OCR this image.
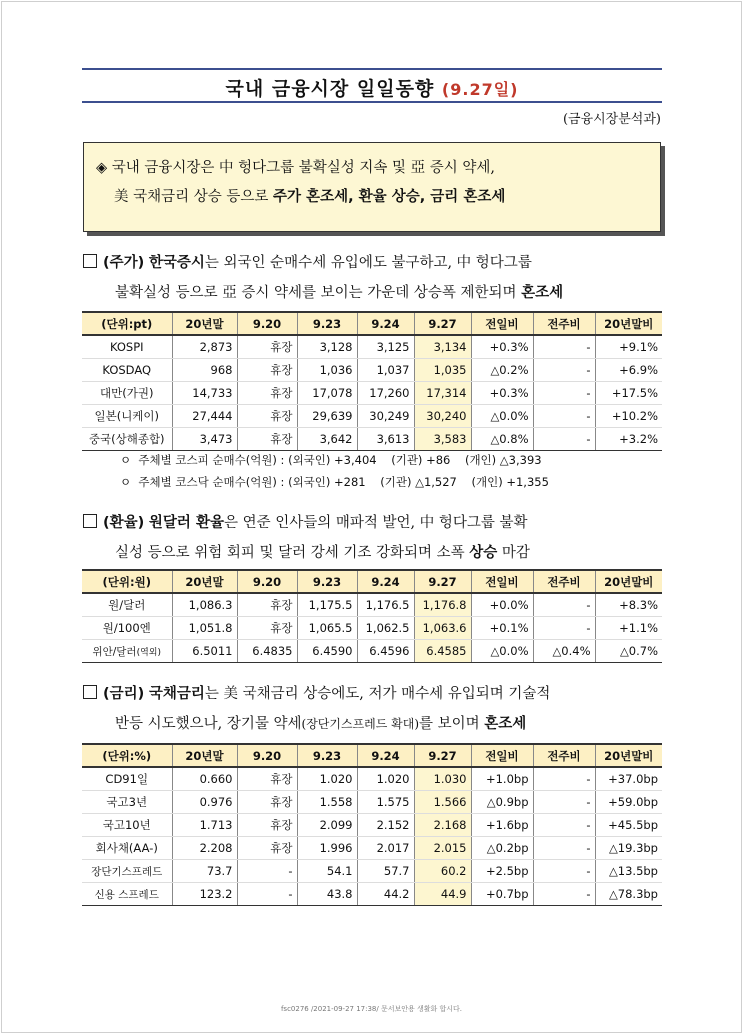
국내 금융시장 일일동향 (9.27일)
(금융시장분석과)
◈ 국내 금융시장은 中 헝다그룹 불확실성 지속 및 亞 증시 약세,
美 국채금리 상승 등으로 주가 혼조세, 환율 상승, 금리 혼조세
(주가) 한국증시는 외국인 순매수세 유입에도 불구하고, 中 헝다그룹
불확실성 등으로 亞 증시 약세를 보이는 가운데 상승폭 제한되며 혼조세
(단위:pt)	20년말	9.20	9.23	9.24	9.27	전일비	전주비	20년말비
KOSPI	2,873	휴장	3,128	3,125	3,134	+0.3%	-	+9.1%
KOSDAQ	968	휴장	1,036	1,037	1,035	△0.2%	-	+6.9%
대만(가권)	14,733	휴장	17,078	17,260	17,314	+0.3%	-	+17.5%
일본(니케이)	27,444	휴장	29,639	30,249	30,240	△0.0%	-	+10.2%
중국(상해종합)	3,473	휴장	3,642	3,613	3,583	△0.8%	-	+3.2%
ㅇ  주체별 코스피 순매수(억원) : (외국인) +3,404    (기관) +86    (개인) △3,393
ㅇ  주체별 코스닥 순매수(억원) : (외국인) +281    (기관) △1,527    (개인) +1,355
(환율) 원달러 환율은 연준 인사들의 매파적 발언, 中 헝다그룹 불확
실성 등으로 위험 회피 및 달러 강세 기조 강화되며 소폭 상승 마감
(단위:원)	20년말	9.20	9.23	9.24	9.27	전일비	전주비	20년말비
원/달러	1,086.3	휴장	1,175.5	1,176.5	1,176.8	+0.0%	-	+8.3%
원/100엔	1,051.8	휴장	1,065.5	1,062.5	1,063.6	+0.1%	-	+1.1%
위안/달러(역외)	6.5011	6.4835	6.4590	6.4596	6.4585	△0.0%	△0.4%	△0.7%
(금리) 국채금리는 美 국채금리 상승에도, 저가 매수세 유입되며 기술적
반등 시도했으나, 장기물 약세(장단기스프레드 확대)를 보이며 혼조세
(단위:%)	20년말	9.20	9.23	9.24	9.27	전일비	전주비	20년말비
CD91일	0.660	휴장	1.020	1.020	1.030	+1.0bp	-	+37.0bp
국고3년	0.976	휴장	1.558	1.575	1.566	△0.9bp	-	+59.0bp
국고10년	1.713	휴장	2.099	2.152	2.168	+1.6bp	-	+45.5bp
회사채(AA-)	2.208	휴장	1.996	2.017	2.015	△0.2bp	-	△19.3bp
장단기스프레드	73.7	-	54.1	57.7	60.2	+2.5bp	-	△13.5bp
신용 스프레드	123.2	-	43.8	44.2	44.9	+0.7bp	-	△78.3bp
fsc0276 /2021-09-27 17:38/ 문서보안용 생활화 합시다.
